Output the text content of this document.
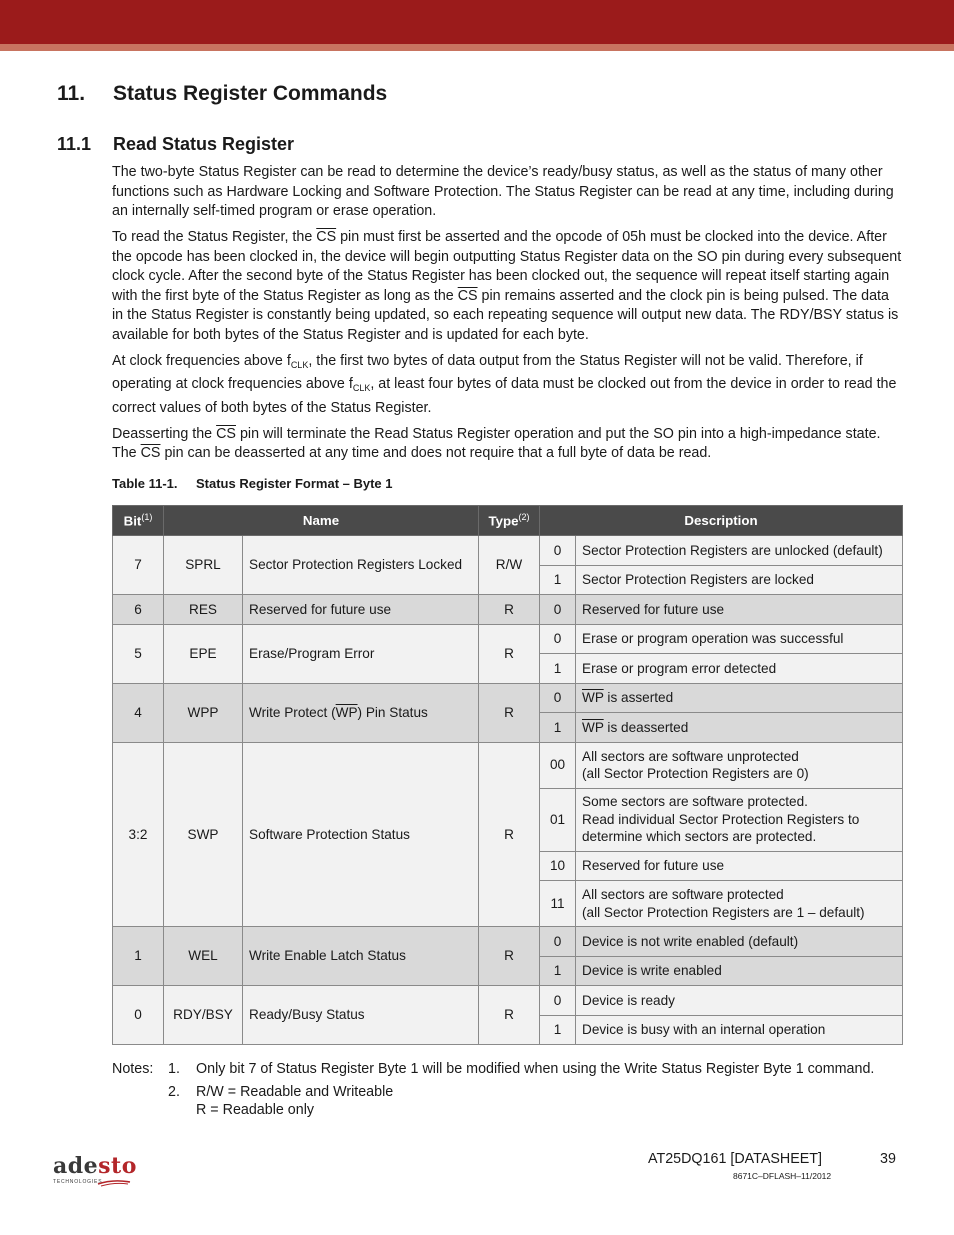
11. Status Register Commands
11.1 Read Status Register

The two-byte Status Register can be read to determine the device’s ready/busy status, as well as the status of many other functions such as Hardware Locking and Software Protection. The Status Register can be read at any time, including during an internally self-timed program or erase operation.

To read the Status Register, the $\overline{CS}$ pin must first be asserted and the opcode of 05h must be clocked into the device. After the opcode has been clocked in, the device will begin outputting Status Register data on the SO pin during every subsequent clock cycle. After the second byte of the Status Register has been clocked out, the sequence will repeat itself starting again with the first byte of the Status Register as long as the $\overline{CS}$ pin remains asserted and the clock pin is being pulsed. The data in the Status Register is constantly being updated, so each repeating sequence will output new data. The RDY/BSY status is available for both bytes of the Status Register and is updated for each byte.

At clock frequencies above $f_{CLK}$, the first two bytes of data output from the Status Register will not be valid. Therefore, if operating at clock frequencies above $f_{CLK}$, at least four bytes of data must be clocked out from the device in order to read the correct values of both bytes of the Status Register.

Deasserting the $\overline{CS}$ pin will terminate the Read Status Register operation and put the SO pin into a high-impedance state. The $\overline{CS}$ pin can be deasserted at any time and does not require that a full byte of data be read.

Table 11-1. Status Register Format – Byte 1
Bit$^{(1)}$	Name		Type$^{(2)}$	Description	
7	SPRL	Sector Protection Registers Locked	R/W	0	Sector Protection Registers are unlocked (default)
				1	Sector Protection Registers are locked
6	RES	Reserved for future use	R	0	Reserved for future use
5	EPE	Erase/Program Error	R	0	Erase or program operation was successful
				1	Erase or program error detected
4	WPP	Write Protect $(\overline{WP})$ Pin Status	R	0	$\overline{WP}$ is asserted
				1	$\overline{WP}$ is deasserted
3:2	SWP	Software Protection Status	R	00	All sectors are software unprotected
(all Sector Protection Registers are 0)
				01	Some sectors are software protected.
Read individual Sector Protection Registers to
determine which sectors are protected.
				10	Reserved for future use
				11	All sectors are software protected
(all Sector Protection Registers are 1 – default)
1	WEL	Write Enable Latch Status	R	0	Device is not write enabled (default)
				1	Device is write enabled
0	RDY/BSY	Ready/Busy Status	R	0	Device is ready
				1	Device is busy with an internal operation
Notes:	1.	Only bit 7 of Status Register Byte 1 will be modified when using the Write Status Register Byte 1 command.
2.	R/W = Readable and Writeable
R = Readable only
adesto
TECHNOLOGIES
AT25DQ161 [DATASHEET]	39
8671C–DFLASH–11/2012
